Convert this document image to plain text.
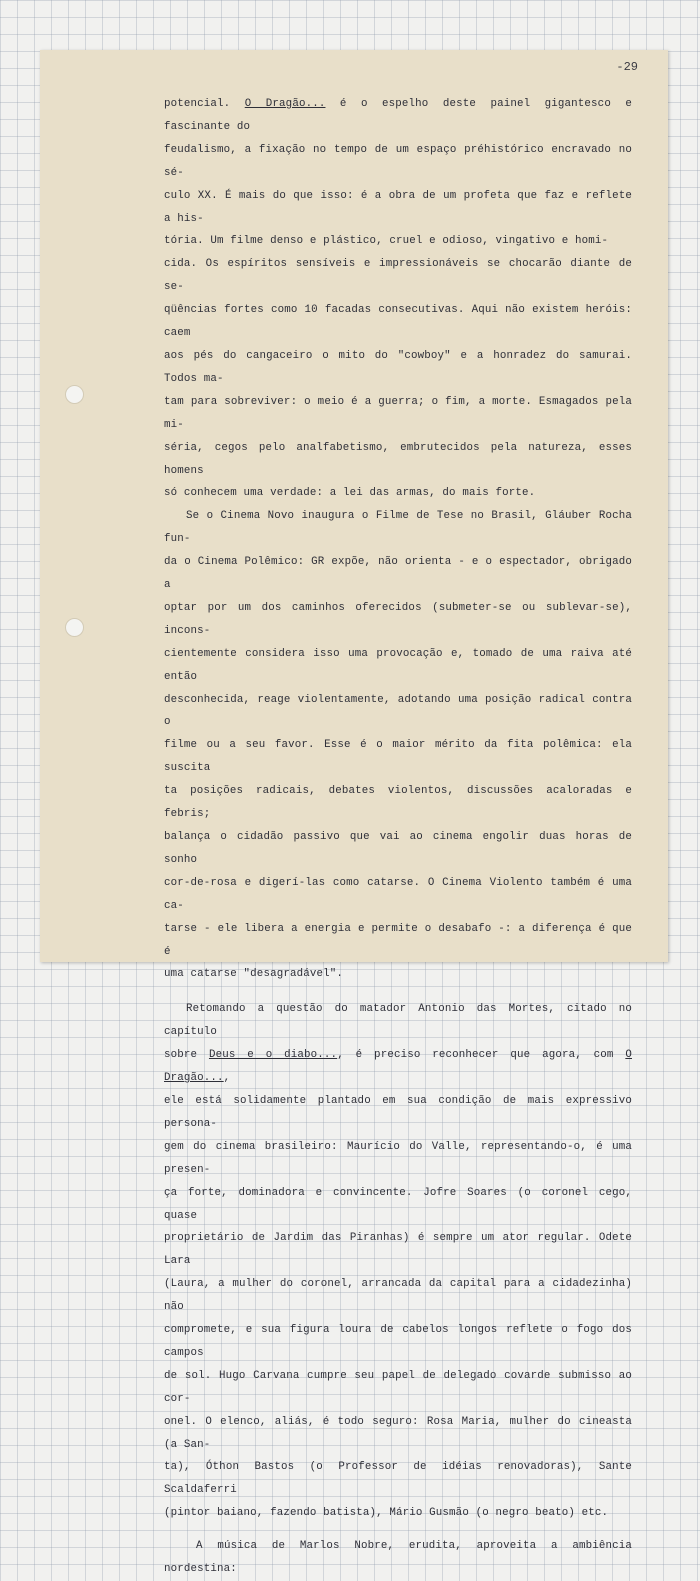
-29

potencial. O Dragão... é o espelho deste painel gigantesco e fascinante do

feudalismo, a fixação no tempo de um espaço préhistórico encravado no sé-

culo XX. É mais do que isso: é a obra de um profeta que faz e reflete a his-

tória. Um filme denso e plástico, cruel e odioso, vingativo e homi-

cida. Os espíritos sensíveis e impressionáveis se chocarão diante de se-

qüências fortes como 10 facadas consecutivas. Aqui não existem heróis: caem

aos pés do cangaceiro o mito do "cowboy" e a honradez do samurai. Todos ma-

tam para sobreviver: o meio é a guerra; o fim, a morte. Esmagados pela mi-

séria, cegos pelo analfabetismo, embrutecidos pela natureza, esses homens

só conhecem uma verdade: a lei das armas, do mais forte.

Se o Cinema Novo inaugura o Filme de Tese no Brasil, Gláuber Rocha fun-

da o Cinema Polêmico: GR expõe, não orienta - e o espectador, obrigado a

optar por um dos caminhos oferecidos (submeter-se ou sublevar-se), incons-

cientemente considera isso uma provocação e, tomado de uma raiva até então

desconhecida, reage violentamente, adotando uma posição radical contra o

filme ou a seu favor. Esse é o maior mérito da fita polêmica: ela suscita

ta posições radicais, debates violentos, discussões acaloradas e febris;

balança o cidadão passivo que vai ao cinema engolir duas horas de sonho

cor-de-rosa e digerí-las como catarse. O Cinema Violento também é uma ca-

tarse - ele libera a energia e permite o desabafo -: a diferença é que é

uma catarse "desagradável".

Retomando a questão do matador Antonio das Mortes, citado no capítulo

sobre Deus e o diabo..., é preciso reconhecer que agora, com O Dragão...,

ele está solidamente plantado em sua condição de mais expressivo persona-

gem do cinema brasileiro: Maurício do Valle, representando-o, é uma presen-

ça forte, dominadora e convincente. Jofre Soares (o coronel cego, quase

proprietário de Jardim das Piranhas) é sempre um ator regular. Odete Lara

(Laura, a mulher do coronel, arrancada da capital para a cidadezinha) não

compromete, e sua figura loura de cabelos longos reflete o fogo dos campos

de sol. Hugo Carvana cumpre seu papel de delegado covarde submisso ao cor-

onel. O elenco, aliás, é todo seguro: Rosa Maria, mulher do cineasta (a San-

ta), Óthon Bastos (o Professor de idéias renovadoras), Sante Scaldaferri

(pintor baiano, fazendo batista), Mário Gusmão (o negro beato) etc.

A música de Marlos Nobre, erudita, aproveita a ambiência nordestina:
